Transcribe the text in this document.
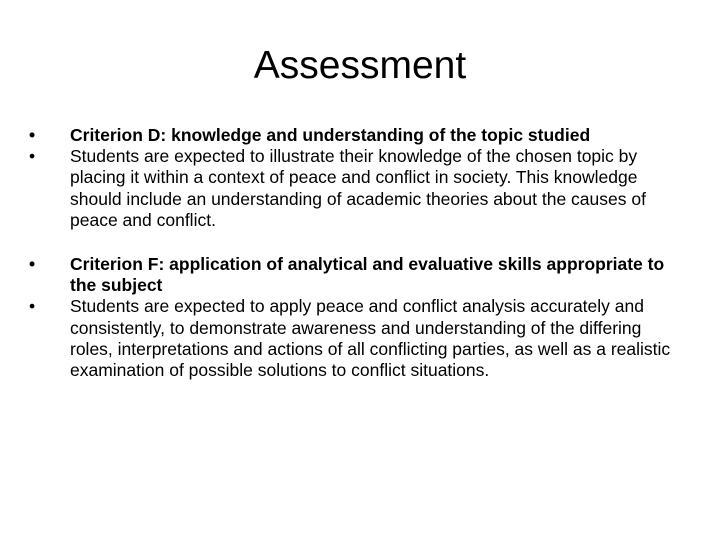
Assessment

• Criterion D: knowledge and understanding of the topic studied

• Students are expected to illustrate their knowledge of the chosen topic by placing it within a context of peace and conflict in society. This knowledge should include an understanding of academic theories about the causes of peace and conflict.

• Criterion F: application of analytical and evaluative skills appropriate to the subject

• Students are expected to apply peace and conflict analysis accurately and consistently, to demonstrate awareness and understanding of the differing roles, interpretations and actions of all conflicting parties, as well as a realistic examination of possible solutions to conflict situations.
